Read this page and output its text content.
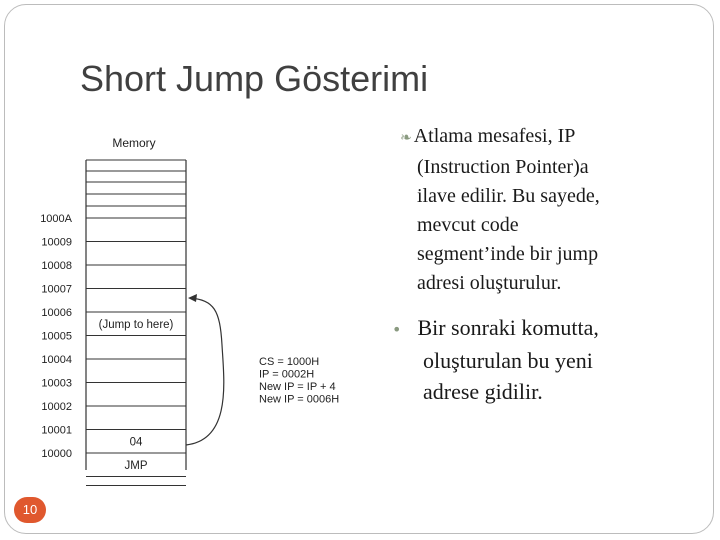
Short Jump Gösterimi
Memory
(Jump to here)
04
JMP
1000A
10009
10008
10007
10006
10005
10004
10003
10002
10001
10000
CS = 1000H
IP = 0002H
New IP = IP + 4
New IP = 0006H
❧ Atlama mesafesi, IP
(Instruction Pointer)a
ilave edilir. Bu sayede,
mevcut code
segment’inde bir jump
adresi oluşturulur.
• Bir sonraki komutta,
oluşturulan bu yeni
adrese gidilir.
10
